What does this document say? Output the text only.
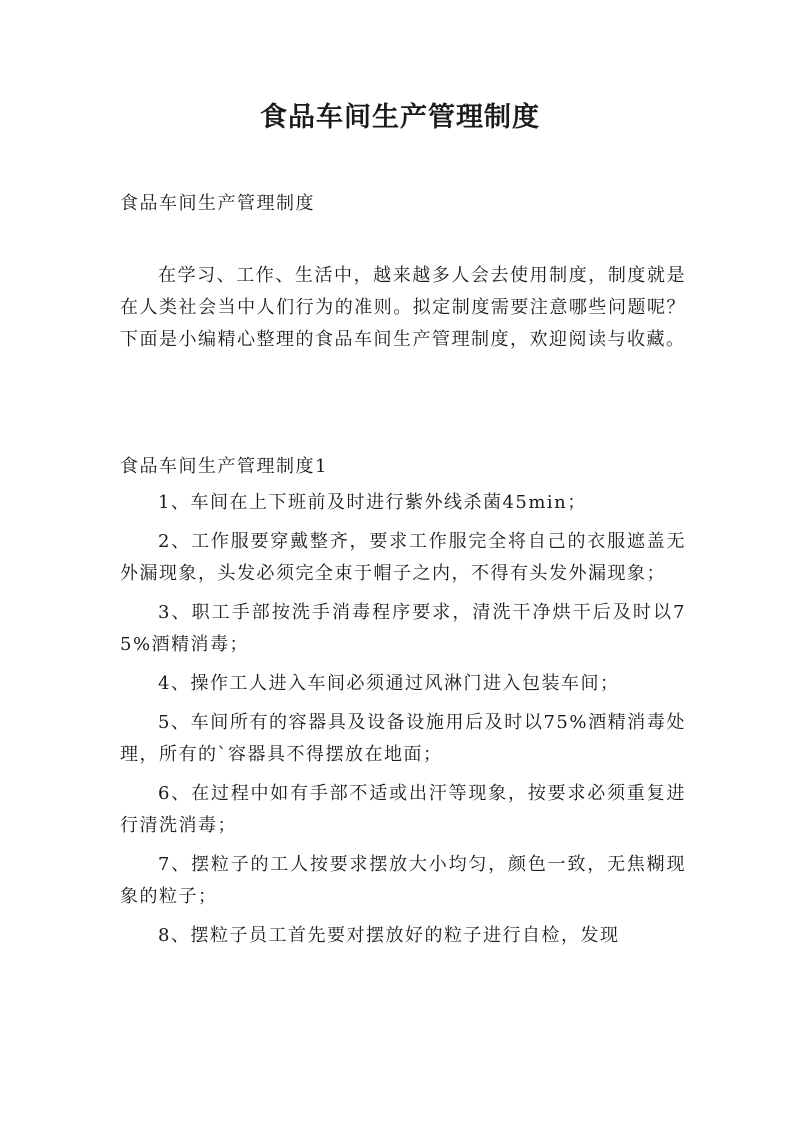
食品车间生产管理制度

食品车间生产管理制度

在学习、工作、生活中，越来越多人会去使用制度，制度就是在人类社会当中人们行为的准则。拟定制度需要注意哪些问题呢？下面是小编精心整理的食品车间生产管理制度，欢迎阅读与收藏。

食品车间生产管理制度1

1、车间在上下班前及时进行紫外线杀菌45min；
2、工作服要穿戴整齐，要求工作服完全将自己的衣服遮盖无外漏现象，头发必须完全束于帽子之内，不得有头发外漏现象；
3、职工手部按洗手消毒程序要求，清洗干净烘干后及时以75%酒精消毒；
4、操作工人进入车间必须通过风淋门进入包装车间；
5、车间所有的容器具及设备设施用后及时以75%酒精消毒处理，所有的`容器具不得摆放在地面；
6、在过程中如有手部不适或出汗等现象，按要求必须重复进行清洗消毒；
7、摆粒子的工人按要求摆放大小均匀，颜色一致，无焦糊现象的粒子；
8、摆粒子员工首先要对摆放好的粒子进行自检，发现
